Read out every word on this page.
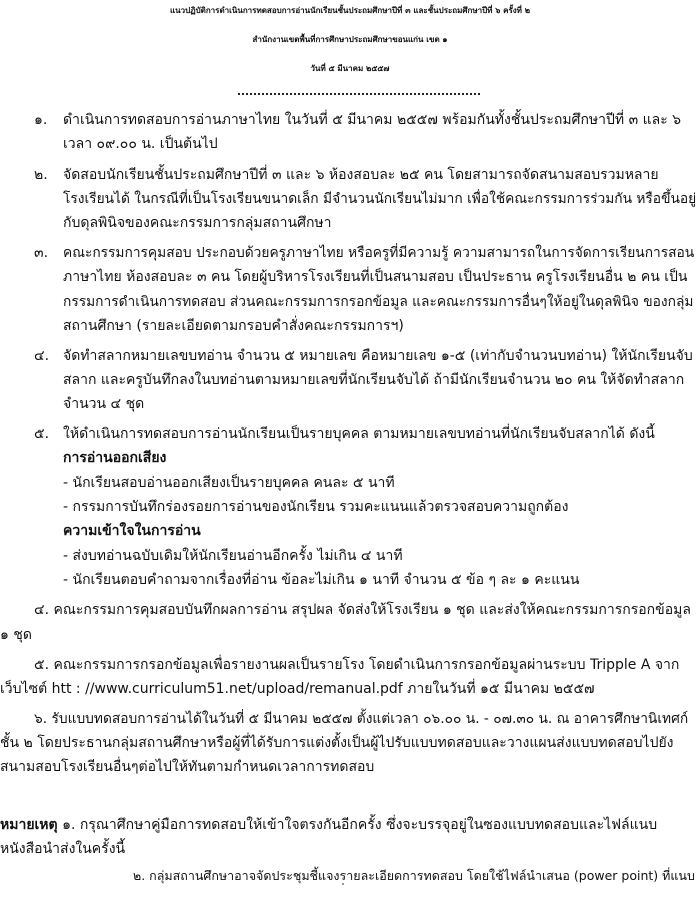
แนวปฏิบัติการดำเนินการทดสอบการอ่านนักเรียนชั้นประถมศึกษาปีที่ ๓ และชั้นประถมศึกษาปีที่ ๖ ครั้งที่ ๒
สำนักงานเขตพื้นที่การศึกษาประถมศึกษาขอนแก่น เขต ๑
วันที่ ๕ มีนาคม ๒๕๕๗
๑. ดำเนินการทดสอบการอ่านภาษาไทย ในวันที่ ๕ มีนาคม ๒๕๕๗ พร้อมกันทั้งชั้นประถมศึกษาปีที่ ๓ และ ๖
เวลา ๐๙.๐๐ น. เป็นต้นไป
๒. จัดสอบนักเรียนชั้นประถมศึกษาปีที่ ๓ และ ๖ ห้องสอบละ ๒๕ คน โดยสามารถจัดสนามสอบรวมหลาย
โรงเรียนได้ ในกรณีที่เป็นโรงเรียนขนาดเล็ก มีจำนวนนักเรียนไม่มาก เพื่อใช้คณะกรรมการร่วมกัน หรือขึ้นอยู่
กับดุลพินิจของคณะกรรมการกลุ่มสถานศึกษา
๓. คณะกรรมการคุมสอบ ประกอบด้วยครูภาษาไทย หรือครูที่มีความรู้ ความสามารถในการจัดการเรียนการสอน
ภาษาไทย ห้องสอบละ ๓ คน โดยผู้บริหารโรงเรียนที่เป็นสนามสอบ เป็นประธาน ครูโรงเรียนอื่น ๒ คน เป็น
กรรมการดำเนินการทดสอบ ส่วนคณะกรรมการกรอกข้อมูล และคณะกรรมการอื่นๆให้อยู่ในดุลพินิจ ของกลุ่ม
สถานศึกษา (รายละเอียดตามกรอบคำสั่งคณะกรรมการฯ)
๔. จัดทำสลากหมายเลขบทอ่าน จำนวน ๕ หมายเลข คือหมายเลข ๑-๕ (เท่ากับจำนวนบทอ่าน) ให้นักเรียนจับ
สลาก และครูบันทึกลงในบทอ่านตามหมายเลขที่นักเรียนจับได้ ถ้ามีนักเรียนจำนวน ๒๐ คน ให้จัดทำสลาก
จำนวน ๔ ชุด
๕. ให้ดำเนินการทดสอบการอ่านนักเรียนเป็นรายบุคคล ตามหมายเลขบทอ่านที่นักเรียนจับสลากได้ ดังนี้
การอ่านออกเสียง
- นักเรียนสอบอ่านออกเสียงเป็นรายบุคคล คนละ ๕ นาที
- กรรมการบันทึกร่องรอยการอ่านของนักเรียน รวมคะแนนแล้วตรวจสอบความถูกต้อง
ความเข้าใจในการอ่าน
- ส่งบทอ่านฉบับเดิมให้นักเรียนอ่านอีกครั้ง ไม่เกิน ๔ นาที
- นักเรียนตอบคำถามจากเรื่องที่อ่าน ข้อละไม่เกิน ๑ นาที จำนวน ๕ ข้อ ๆ ละ ๑ คะแนน
๔. คณะกรรมการคุมสอบบันทึกผลการอ่าน สรุปผล จัดส่งให้โรงเรียน ๑ ชุด และส่งให้คณะกรรมการกรอกข้อมูล
๑ ชุด
๕. คณะกรรมการกรอกข้อมูลเพื่อรายงานผลเป็นรายโรง โดยดำเนินการกรอกข้อมูลผ่านระบบ Tripple A จาก
เว็บไซต์ htt : //www.curriculum51.net/upload/remanual.pdf ภายในวันที่ ๑๕ มีนาคม ๒๕๕๗
๖. รับแบบทดสอบการอ่านได้ในวันที่ ๕ มีนาคม ๒๕๕๗ ตั้งแต่เวลา ๐๖.๐๐ น. - ๐๗.๓๐ น. ณ อาคารศึกษานิเทศก์
ชั้น ๒ โดยประธานกลุ่มสถานศึกษาหรือผู้ที่ได้รับการแต่งตั้งเป็นผู้ไปรับแบบทดสอบและวางแผนส่งแบบทดสอบไปยัง
สนามสอบโรงเรียนอื่นๆต่อไปให้ทันตามกำหนดเวลาการทดสอบ
หมายเหตุ ๑. กรุณาศึกษาคู่มือการทดสอบให้เข้าใจตรงกันอีกครั้ง ซึ่งจะบรรจุอยู่ในซองแบบทดสอบและไฟล์แนบ
หนังสือนำส่งในครั้งนี้
๒. กลุ่มสถานศึกษาอาจจัดประชุมชี้แจงรายละเอียดการทดสอบ โดยใช้ไฟล์นำเสนอ (power point) ที่แนบ
